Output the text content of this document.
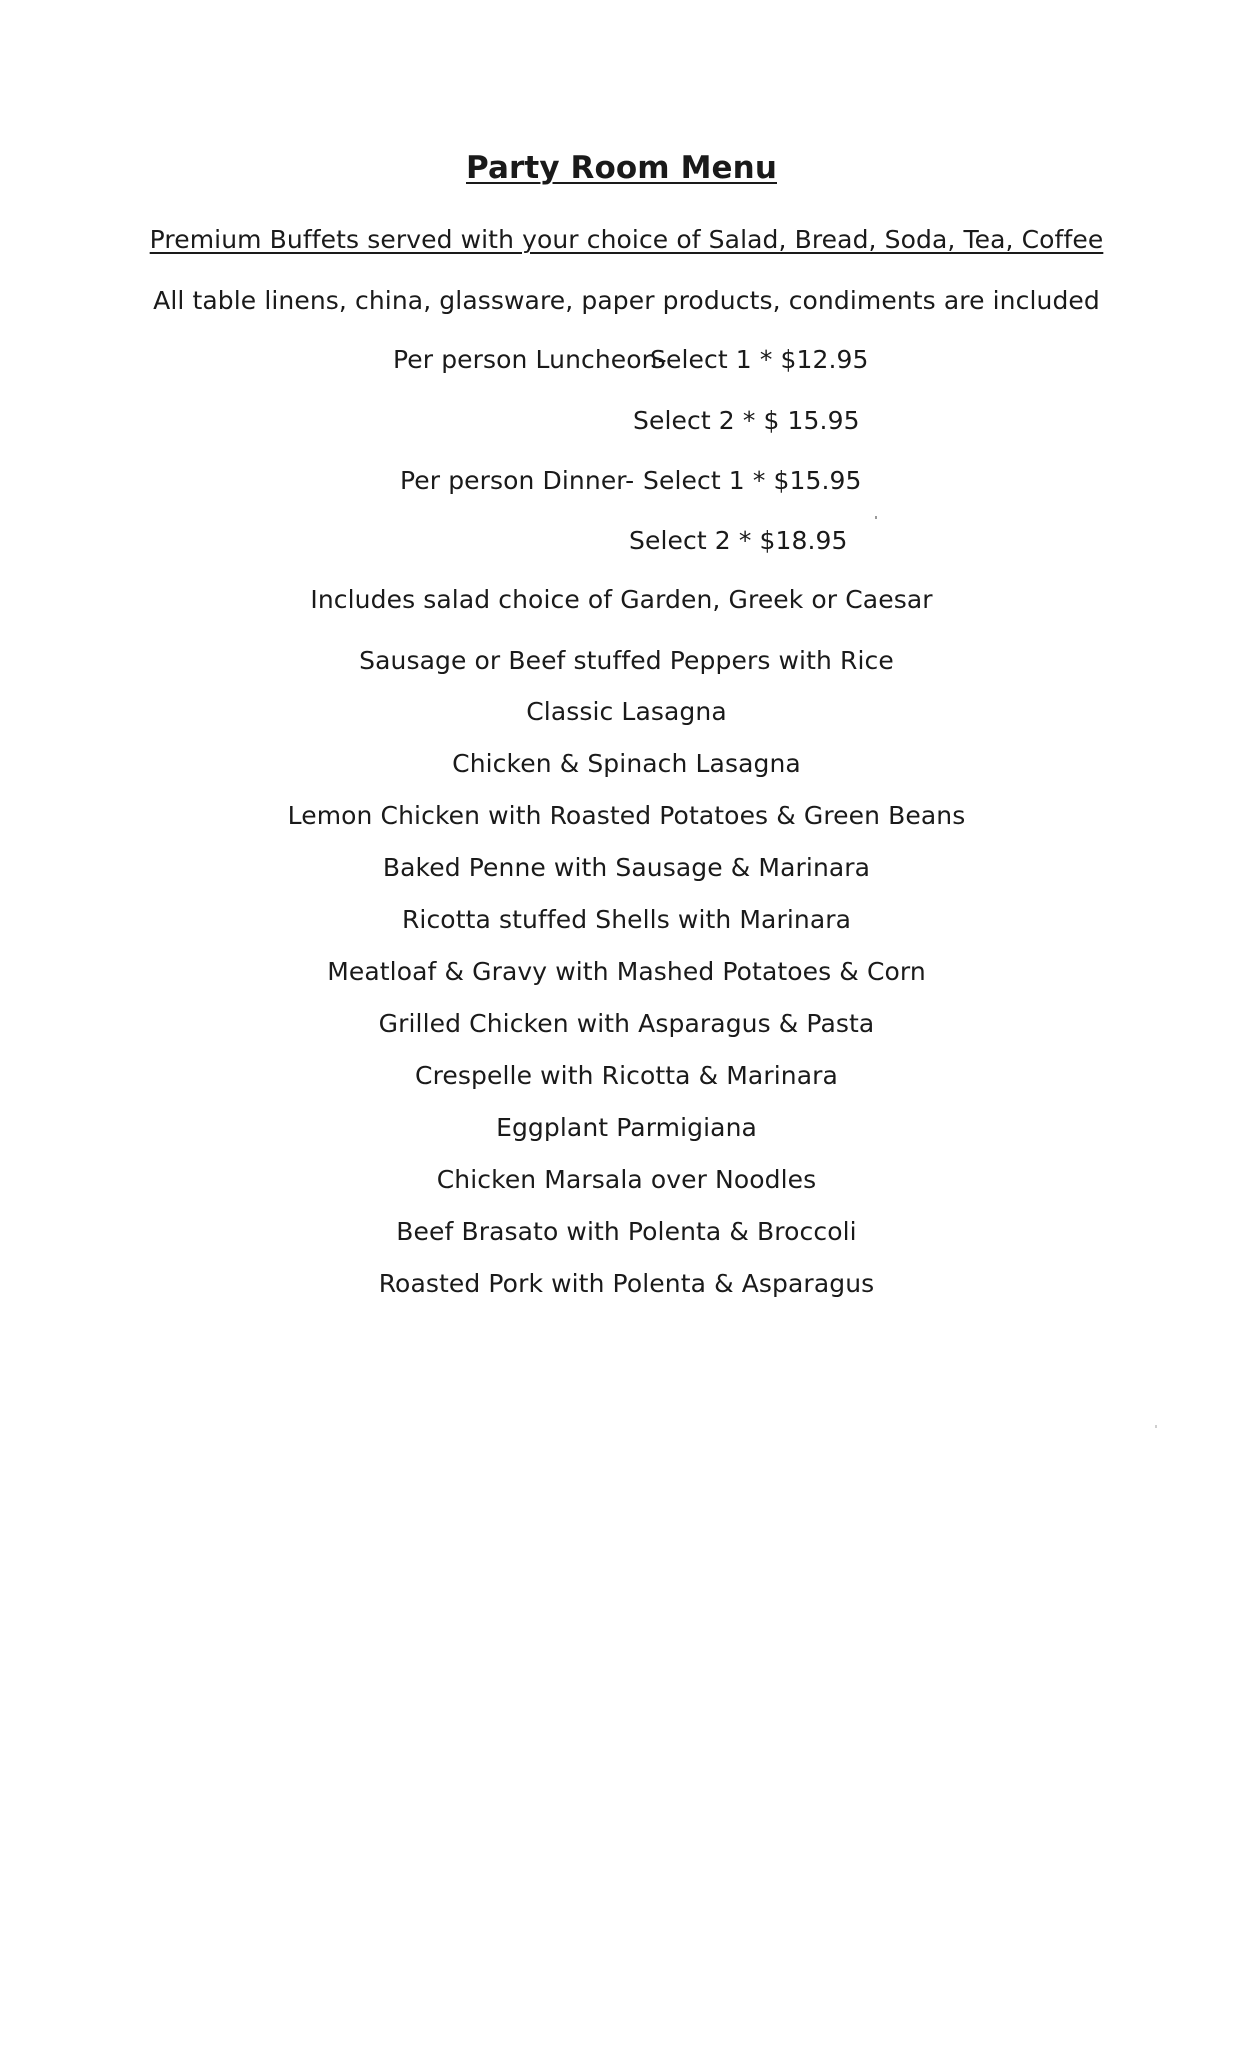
Party Room Menu
Premium Buffets served with your choice of Salad, Bread, Soda, Tea, Coffee
All table linens, china, glassware, paper products, condiments are included
Per person Luncheon-
Select 1 * $12.95
Select 2 * $ 15.95
Per person Dinner- Select 1 * $15.95
Select 2 * $18.95
Includes salad choice of Garden, Greek or Caesar
Sausage or Beef stuffed Peppers with Rice
Classic Lasagna
Chicken & Spinach Lasagna
Lemon Chicken with Roasted Potatoes & Green Beans
Baked Penne with Sausage & Marinara
Ricotta stuffed Shells with Marinara
Meatloaf & Gravy with Mashed Potatoes & Corn
Grilled Chicken with Asparagus & Pasta
Crespelle with Ricotta & Marinara
Eggplant Parmigiana
Chicken Marsala over Noodles
Beef Brasato with Polenta & Broccoli
Roasted Pork with Polenta & Asparagus
